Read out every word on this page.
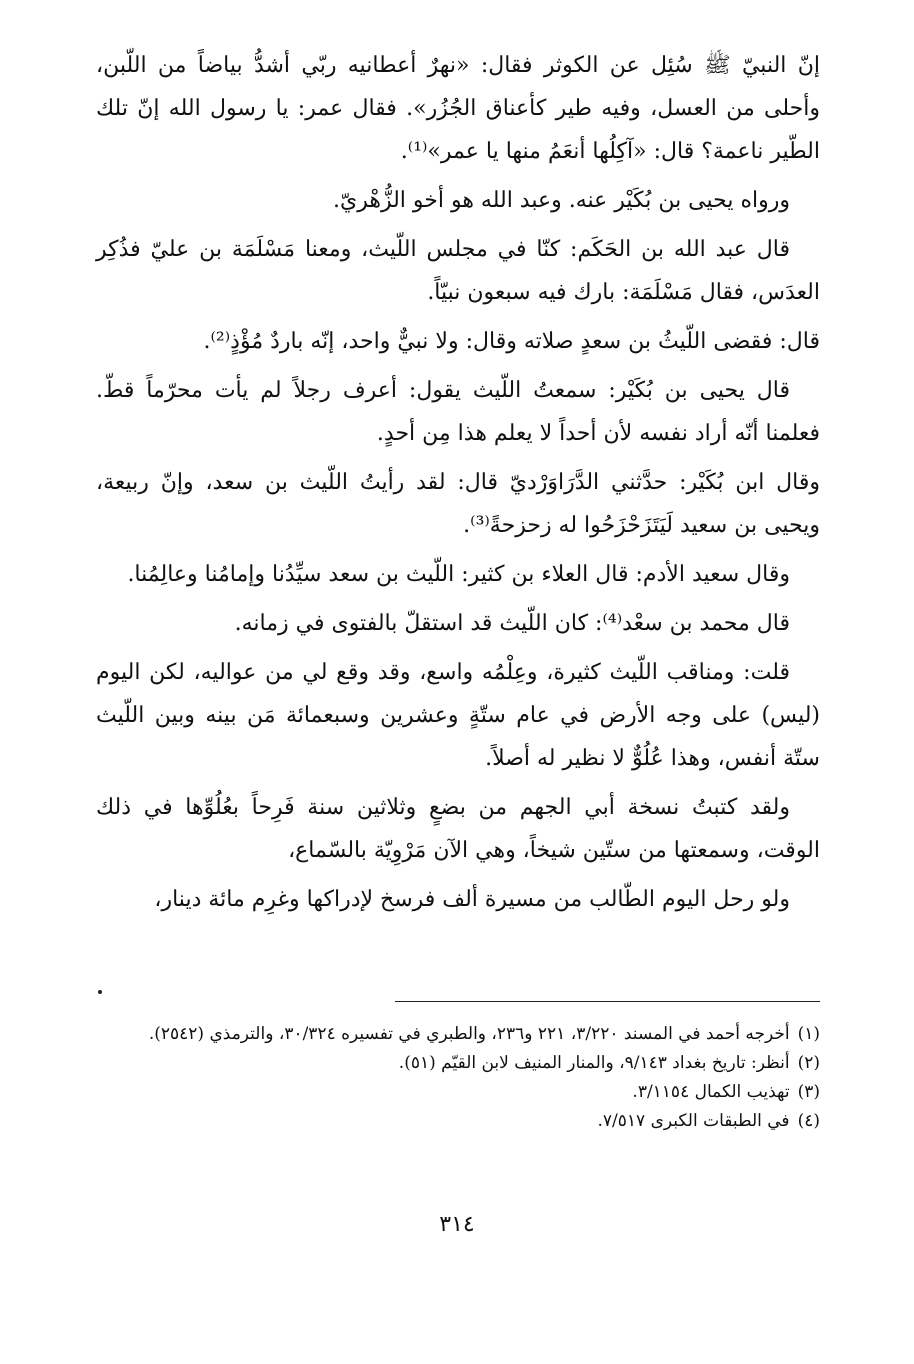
إنّ النبيّ ﷺ سُئِل عن الكوثر فقال: «نهرٌ أعطانيه ربّي أشدُّ بياضاً من اللّبن، وأحلى من العسل، وفيه طير كأعناق الجُزُر». فقال عمر: يا رسول الله إنّ تلك الطّير ناعمة؟ قال: «آكِلُها أنعَمُ منها يا عمر»⁽¹⁾.

ورواه يحيى بن بُكَيْر عنه. وعبد الله هو أخو الزُّهْريّ.

قال عبد الله بن الحَكَم: كنّا في مجلس اللّيث، ومعنا مَسْلَمَة بن عليّ فذُكِر العدَس، فقال مَسْلَمَة: بارك فيه سبعون نبيّاً.

قال: فقضى اللّيثُ بن سعدٍ صلاته وقال: ولا نبيٌّ واحد، إنّه باردٌ مُؤْذٍ⁽²⁾.

قال يحيى بن بُكَيْر: سمعتُ اللّيث يقول: أعرف رجلاً لم يأت محرّماً قطّ. فعلمنا أنّه أراد نفسه لأن أحداً لا يعلم هذا مِن أحدٍ.

وقال ابن بُكَيْر: حدَّثني الدَّرَاوَرْديّ قال: لقد رأيتُ اللّيث بن سعد، وإنّ ربيعة، ويحيى بن سعيد لَيَتَزَحْزَحُوا له زحزحةً⁽³⁾.

وقال سعيد الأدم: قال العلاء بن كثير: اللّيث بن سعد سيِّدُنا وإمامُنا وعالِمُنا.

قال محمد بن سعْد⁽⁴⁾: كان اللّيث قد استقلّ بالفتوى في زمانه.

قلت: ومناقب اللّيث كثيرة، وعِلْمُه واسع، وقد وقع لي من عواليه، لكن اليوم (ليس) على وجه الأرض في عام ستّةٍ وعشرين وسبعمائة مَن بينه وبين اللّيث ستّة أنفس، وهذا عُلُوٌّ لا نظير له أصلاً.

ولقد كتبتُ نسخة أبي الجهم من بضعٍ وثلاثين سنة فَرِحاً بعُلُوِّها في ذلك الوقت، وسمعتها من ستّين شيخاً، وهي الآن مَرْوِيّة بالسّماع،

ولو رحل اليوم الطّالب من مسيرة ألف فرسخ لإدراكها وغرِم مائة دينار،

(١)أخرجه أحمد في المسند ٣/٢٢٠، ٢٢١ و٢٣٦، والطبري في تفسيره ٣٠/٣٢٤، والترمذي (٢٥٤٢).

(٢)أنظر: تاريخ بغداد ٩/١٤٣، والمنار المنيف لابن القيّم (٥١).

(٣)تهذيب الكمال ٣/١١٥٤.

(٤)في الطبقات الكبرى ٧/٥١٧.

٣١٤
